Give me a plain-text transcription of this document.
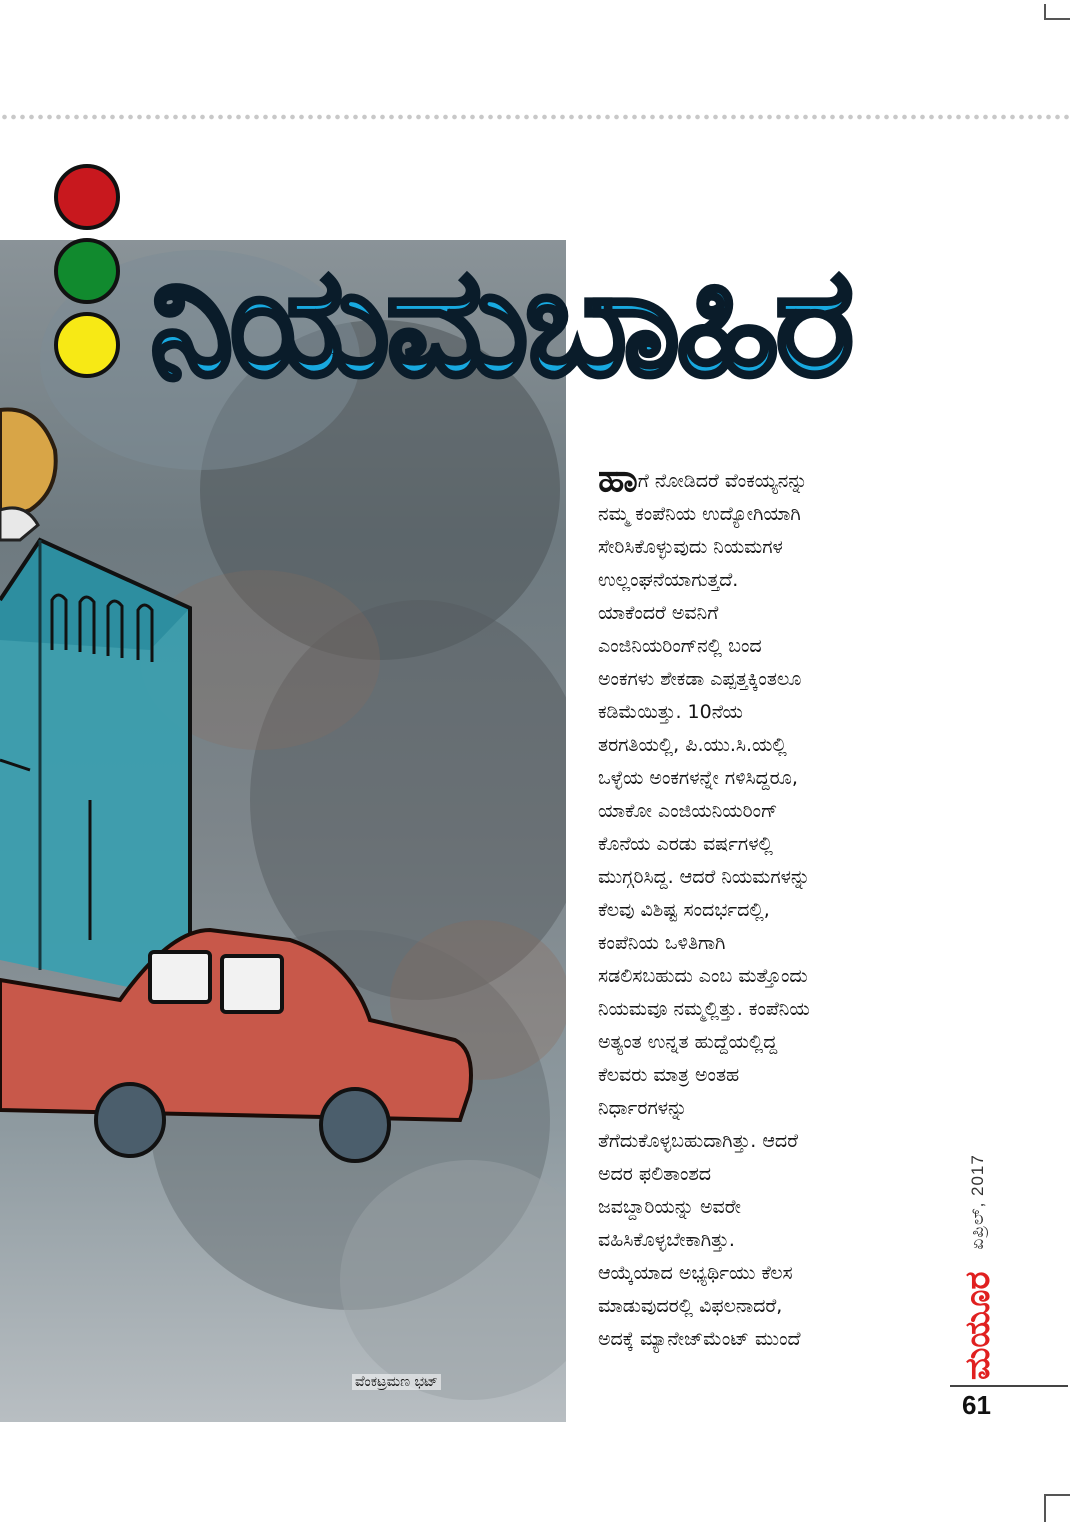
ನಿಯಮಬಾಹಿರ
ಹಾಗೆ ನೋಡಿದರೆ ವೆಂಕಯ್ಯನನ್ನು
ನಮ್ಮ ಕಂಪೆನಿಯ ಉದ್ಯೋಗಿಯಾಗಿ
ಸೇರಿಸಿಕೊಳ್ಳುವುದು ನಿಯಮಗಳ
ಉಲ್ಲಂಘನೆಯಾಗುತ್ತದೆ.
ಯಾಕೆಂದರೆ ಅವನಿಗೆ
ಎಂಜಿನಿಯರಿಂಗ್‌ನಲ್ಲಿ ಬಂದ
ಅಂಕಗಳು ಶೇಕಡಾ ಎಪ್ಪತ್ತಕ್ಕಿಂತಲೂ
ಕಡಿಮೆಯಿತ್ತು. 10ನೆಯ
ತರಗತಿಯಲ್ಲಿ, ಪಿ.ಯು.ಸಿ.ಯಲ್ಲಿ
ಒಳ್ಳೆಯ ಅಂಕಗಳನ್ನೇ ಗಳಿಸಿದ್ದರೂ,
ಯಾಕೋ ಎಂಜಿಯನಿಯರಿಂಗ್
ಕೊನೆಯ ಎರಡು ವರ್ಷಗಳಲ್ಲಿ
ಮುಗ್ಗರಿಸಿದ್ದ. ಆದರೆ ನಿಯಮಗಳನ್ನು
ಕೆಲವು ವಿಶಿಷ್ಟ ಸಂದರ್ಭದಲ್ಲಿ,
ಕಂಪೆನಿಯ ಒಳಿತಿಗಾಗಿ
ಸಡಲಿಸಬಹುದು ಎಂಬ ಮತ್ತೊಂದು
ನಿಯಮವೂ ನಮ್ಮಲ್ಲಿತ್ತು. ಕಂಪೆನಿಯ
ಅತ್ಯಂತ ಉನ್ನತ ಹುದ್ದೆಯಲ್ಲಿದ್ದ
ಕೆಲವರು ಮಾತ್ರ ಅಂತಹ
ನಿರ್ಧಾರಗಳನ್ನು
ತೆಗೆದುಕೊಳ್ಳಬಹುದಾಗಿತ್ತು. ಆದರೆ
ಅದರ ಫಲಿತಾಂಶದ
ಜವಬ್ದಾರಿಯನ್ನು ಅವರೇ
ವಹಿಸಿಕೊಳ್ಳಬೇಕಾಗಿತ್ತು.
ಆಯ್ಕೆಯಾದ ಅಭ್ಯರ್ಥಿಯು ಕೆಲಸ
ಮಾಡುವುದರಲ್ಲಿ ವಿಫಲನಾದರೆ,
ಅದಕ್ಕೆ ಮ್ಯಾನೇಜ್‌ಮೆಂಟ್ ಮುಂದೆ
ವೆಂಕಟ್ರಮಣ ಭಟ್
ಮಯೂರ
ಏಪ್ರಿಲ್, 2017
61
